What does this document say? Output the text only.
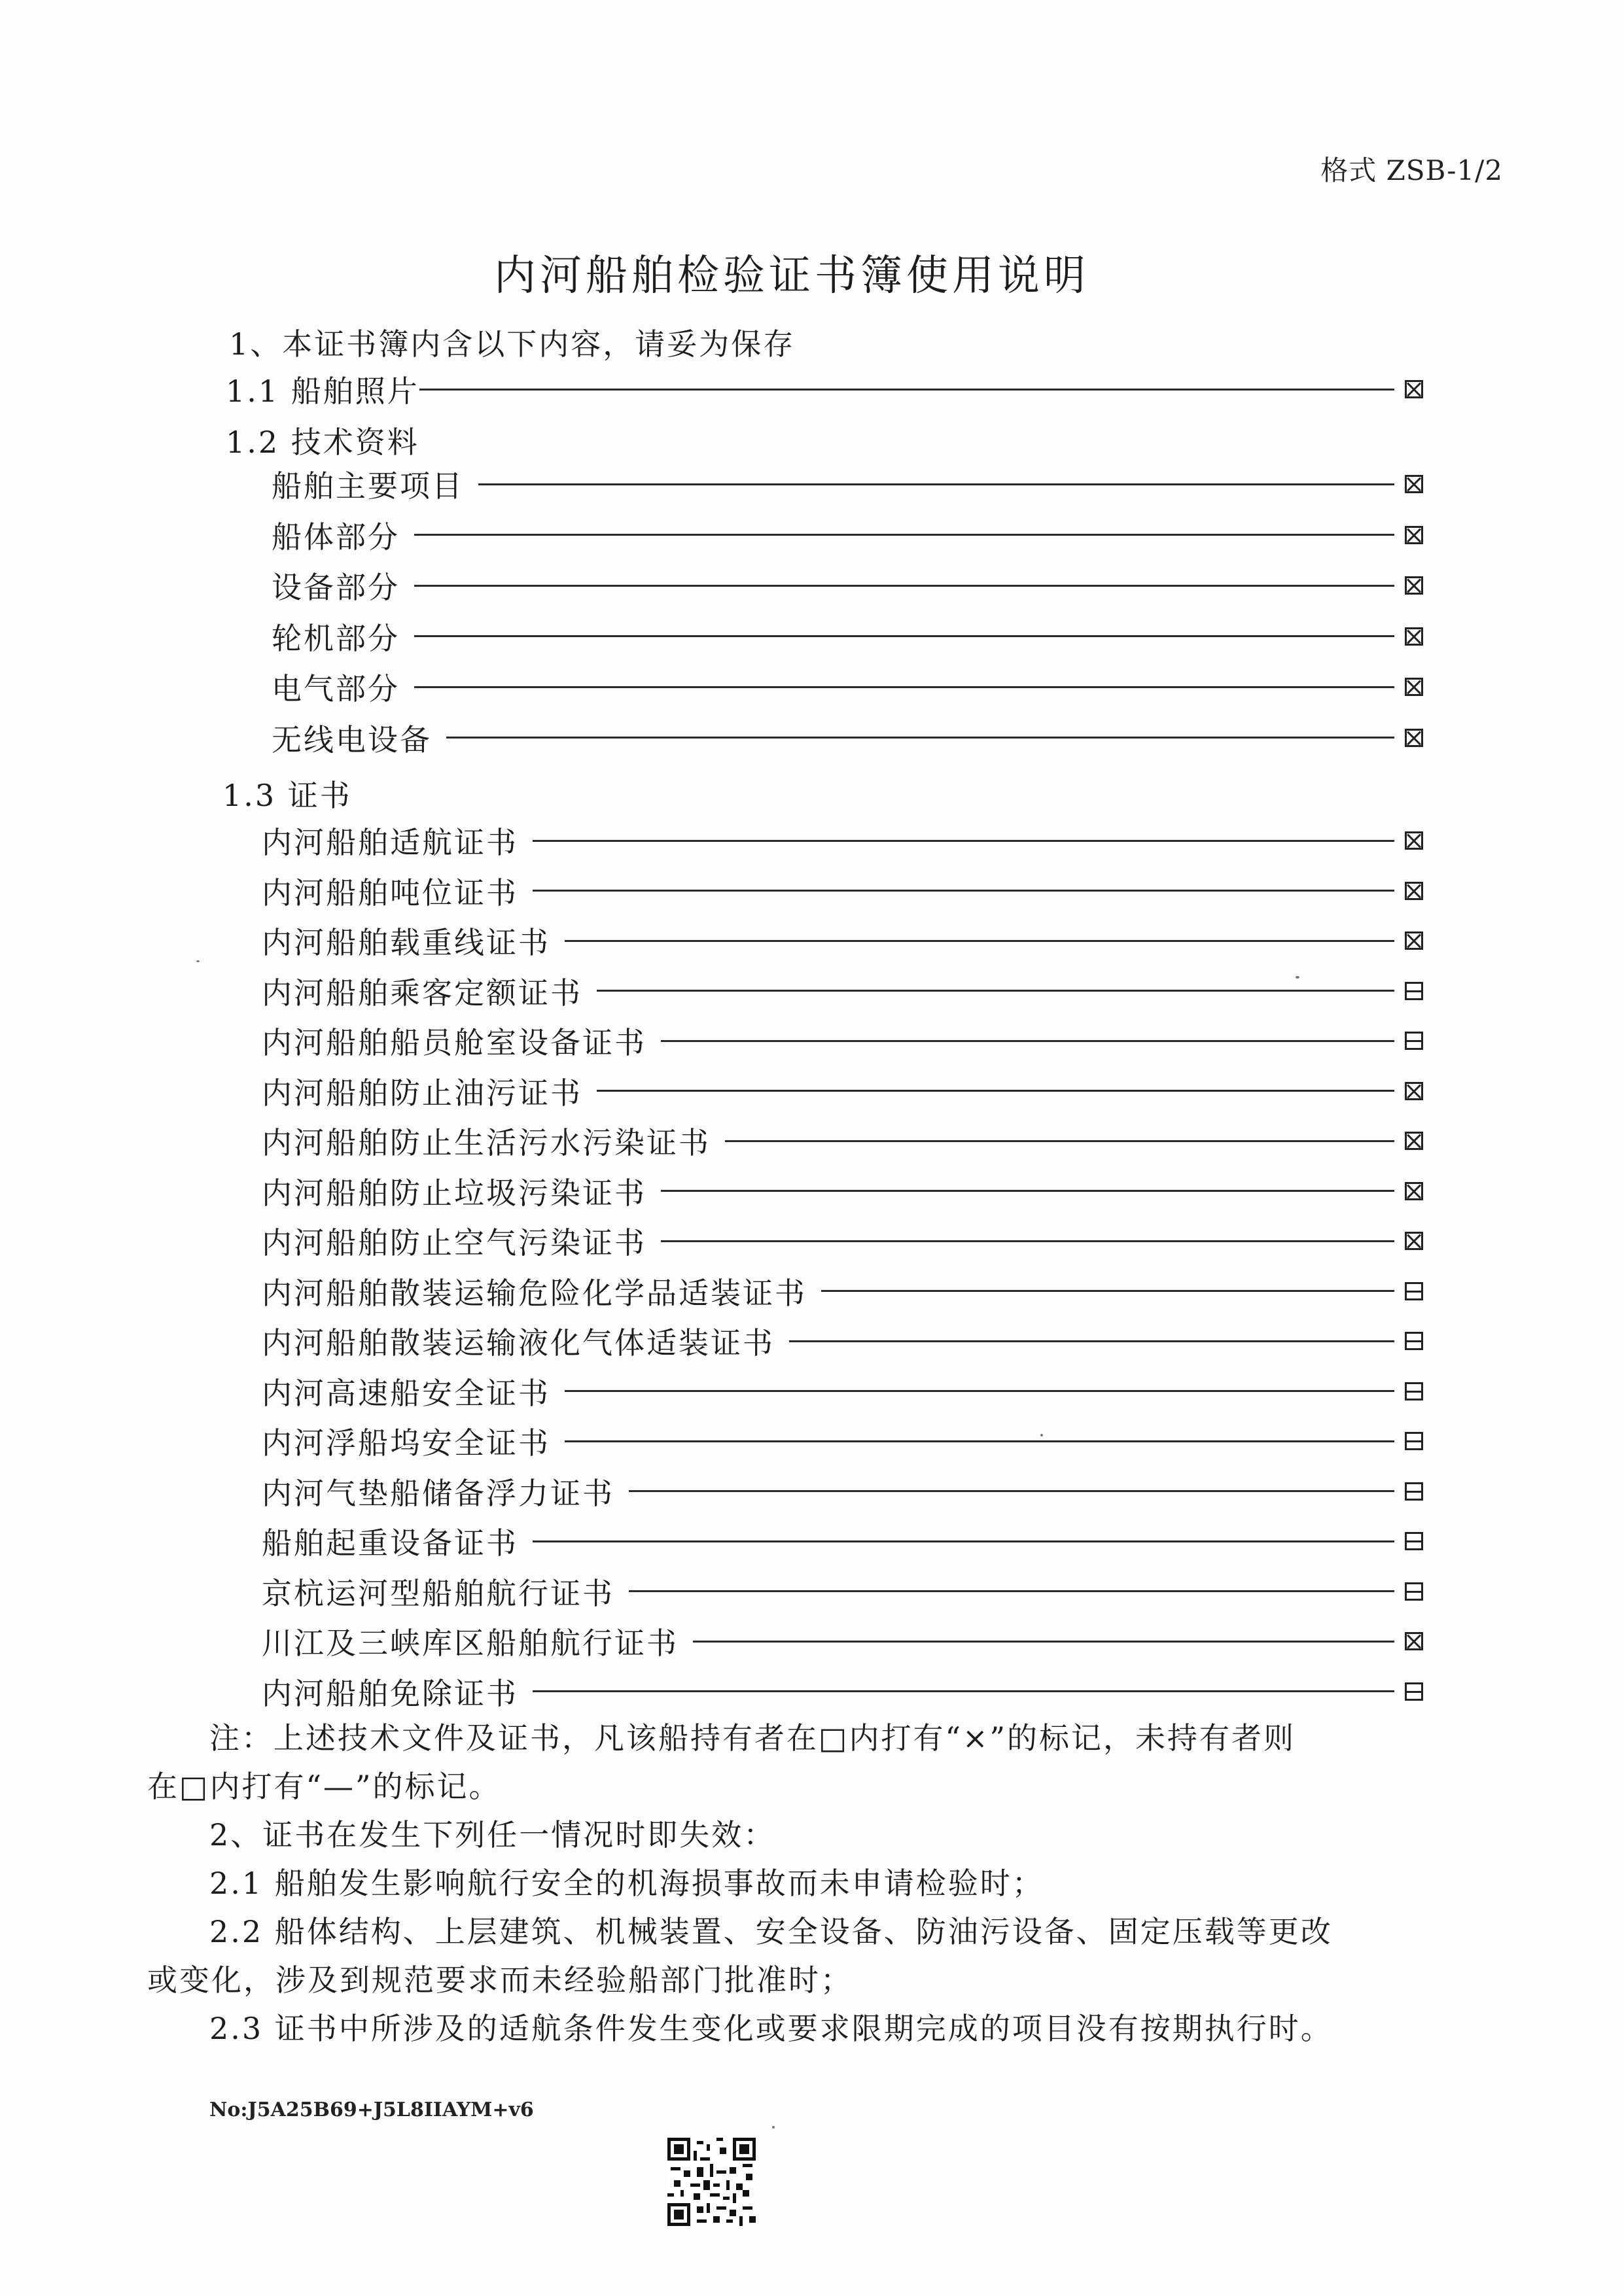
格式 ZSB-1/2
内河船舶检验证书簿使用说明
1、本证书簿内含以下内容，请妥为保存
1.1 船舶照片
1.2 技术资料
船舶主要项目
船体部分
设备部分
轮机部分
电气部分
无线电设备
1.3 证书
内河船舶适航证书
内河船舶吨位证书
内河船舶载重线证书
内河船舶乘客定额证书
内河船舶船员舱室设备证书
内河船舶防止油污证书
内河船舶防止生活污水污染证书
内河船舶防止垃圾污染证书
内河船舶防止空气污染证书
内河船舶散装运输危险化学品适装证书
内河船舶散装运输液化气体适装证书
内河高速船安全证书
内河浮船坞安全证书
内河气垫船储备浮力证书
船舶起重设备证书
京杭运河型船舶航行证书
川江及三峡库区船舶航行证书
内河船舶免除证书
注：上述技术文件及证书，凡该船持有者在□内打有“×”的标记，未持有者则
在□内打有“—”的标记。
2、证书在发生下列任一情况时即失效：
2.1 船舶发生影响航行安全的机海损事故而未申请检验时；
2.2 船体结构、上层建筑、机械装置、安全设备、防油污设备、固定压载等更改
或变化，涉及到规范要求而未经验船部门批准时；
2.3 证书中所涉及的适航条件发生变化或要求限期完成的项目没有按期执行时。
No:J5A25B69+J5L8IIAYM+v6
